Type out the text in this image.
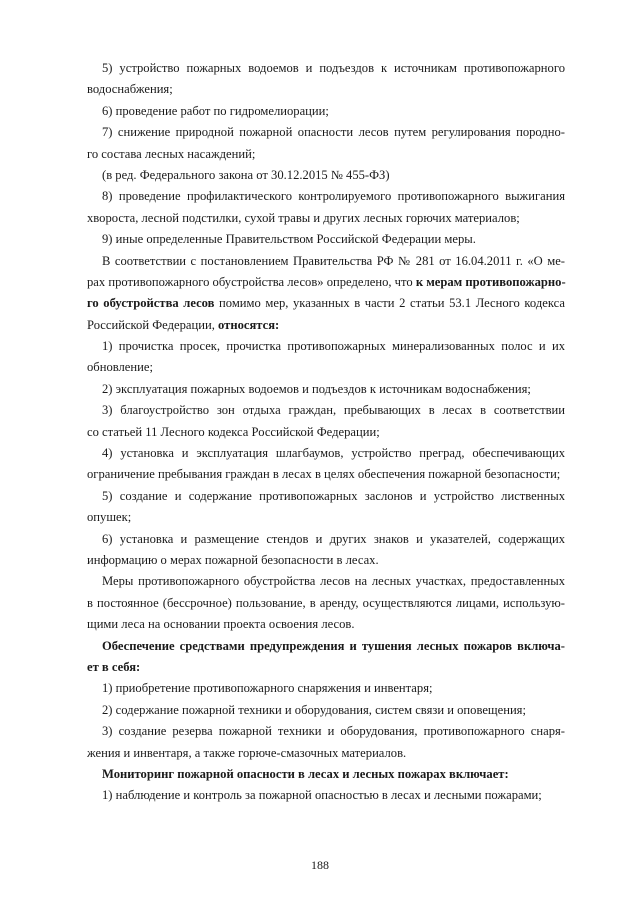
5) устройство пожарных водоемов и подъездов к источникам противопожарного
водоснабжения;
6) проведение работ по гидромелиорации;
7) снижение природной пожарной опасности лесов путем регулирования породно-
го состава лесных насаждений;
(в ред. Федерального закона от 30.12.2015 № 455-ФЗ)
8) проведение профилактического контролируемого противопожарного выжигания
хвороста, лесной подстилки, сухой травы и других лесных горючих материалов;
9) иные определенные Правительством Российской Федерации меры.
В соответствии с постановлением Правительства РФ № 281 от 16.04.2011 г. «О ме-
рах противопожарного обустройства лесов» определено, что к мерам противопожарно-
го обустройства лесов помимо мер, указанных в части 2 статьи 53.1 Лесного кодекса
Российской Федерации, относятся:
1) прочистка просек, прочистка противопожарных минерализованных полос и их
обновление;
2) эксплуатация пожарных водоемов и подъездов к источникам водоснабжения;
3) благоустройство зон отдыха граждан, пребывающих в лесах в соответствии
со статьей 11 Лесного кодекса Российской Федерации;
4) установка и эксплуатация шлагбаумов, устройство преград, обеспечивающих
ограничение пребывания граждан в лесах в целях обеспечения пожарной безопасности;
5) создание и содержание противопожарных заслонов и устройство лиственных
опушек;
6) установка и размещение стендов и других знаков и указателей, содержащих
информацию о мерах пожарной безопасности в лесах.
Меры противопожарного обустройства лесов на лесных участках, предоставленных
в постоянное (бессрочное) пользование, в аренду, осуществляются лицами, использую-
щими леса на основании проекта освоения лесов.
Обеспечение средствами предупреждения и тушения лесных пожаров включа-
ет в себя:
1) приобретение противопожарного снаряжения и инвентаря;
2) содержание пожарной техники и оборудования, систем связи и оповещения;
3) создание резерва пожарной техники и оборудования, противопожарного снаря-
жения и инвентаря, а также горюче-смазочных материалов.
Мониторинг пожарной опасности в лесах и лесных пожарах включает:
1) наблюдение и контроль за пожарной опасностью в лесах и лесными пожарами;
188
